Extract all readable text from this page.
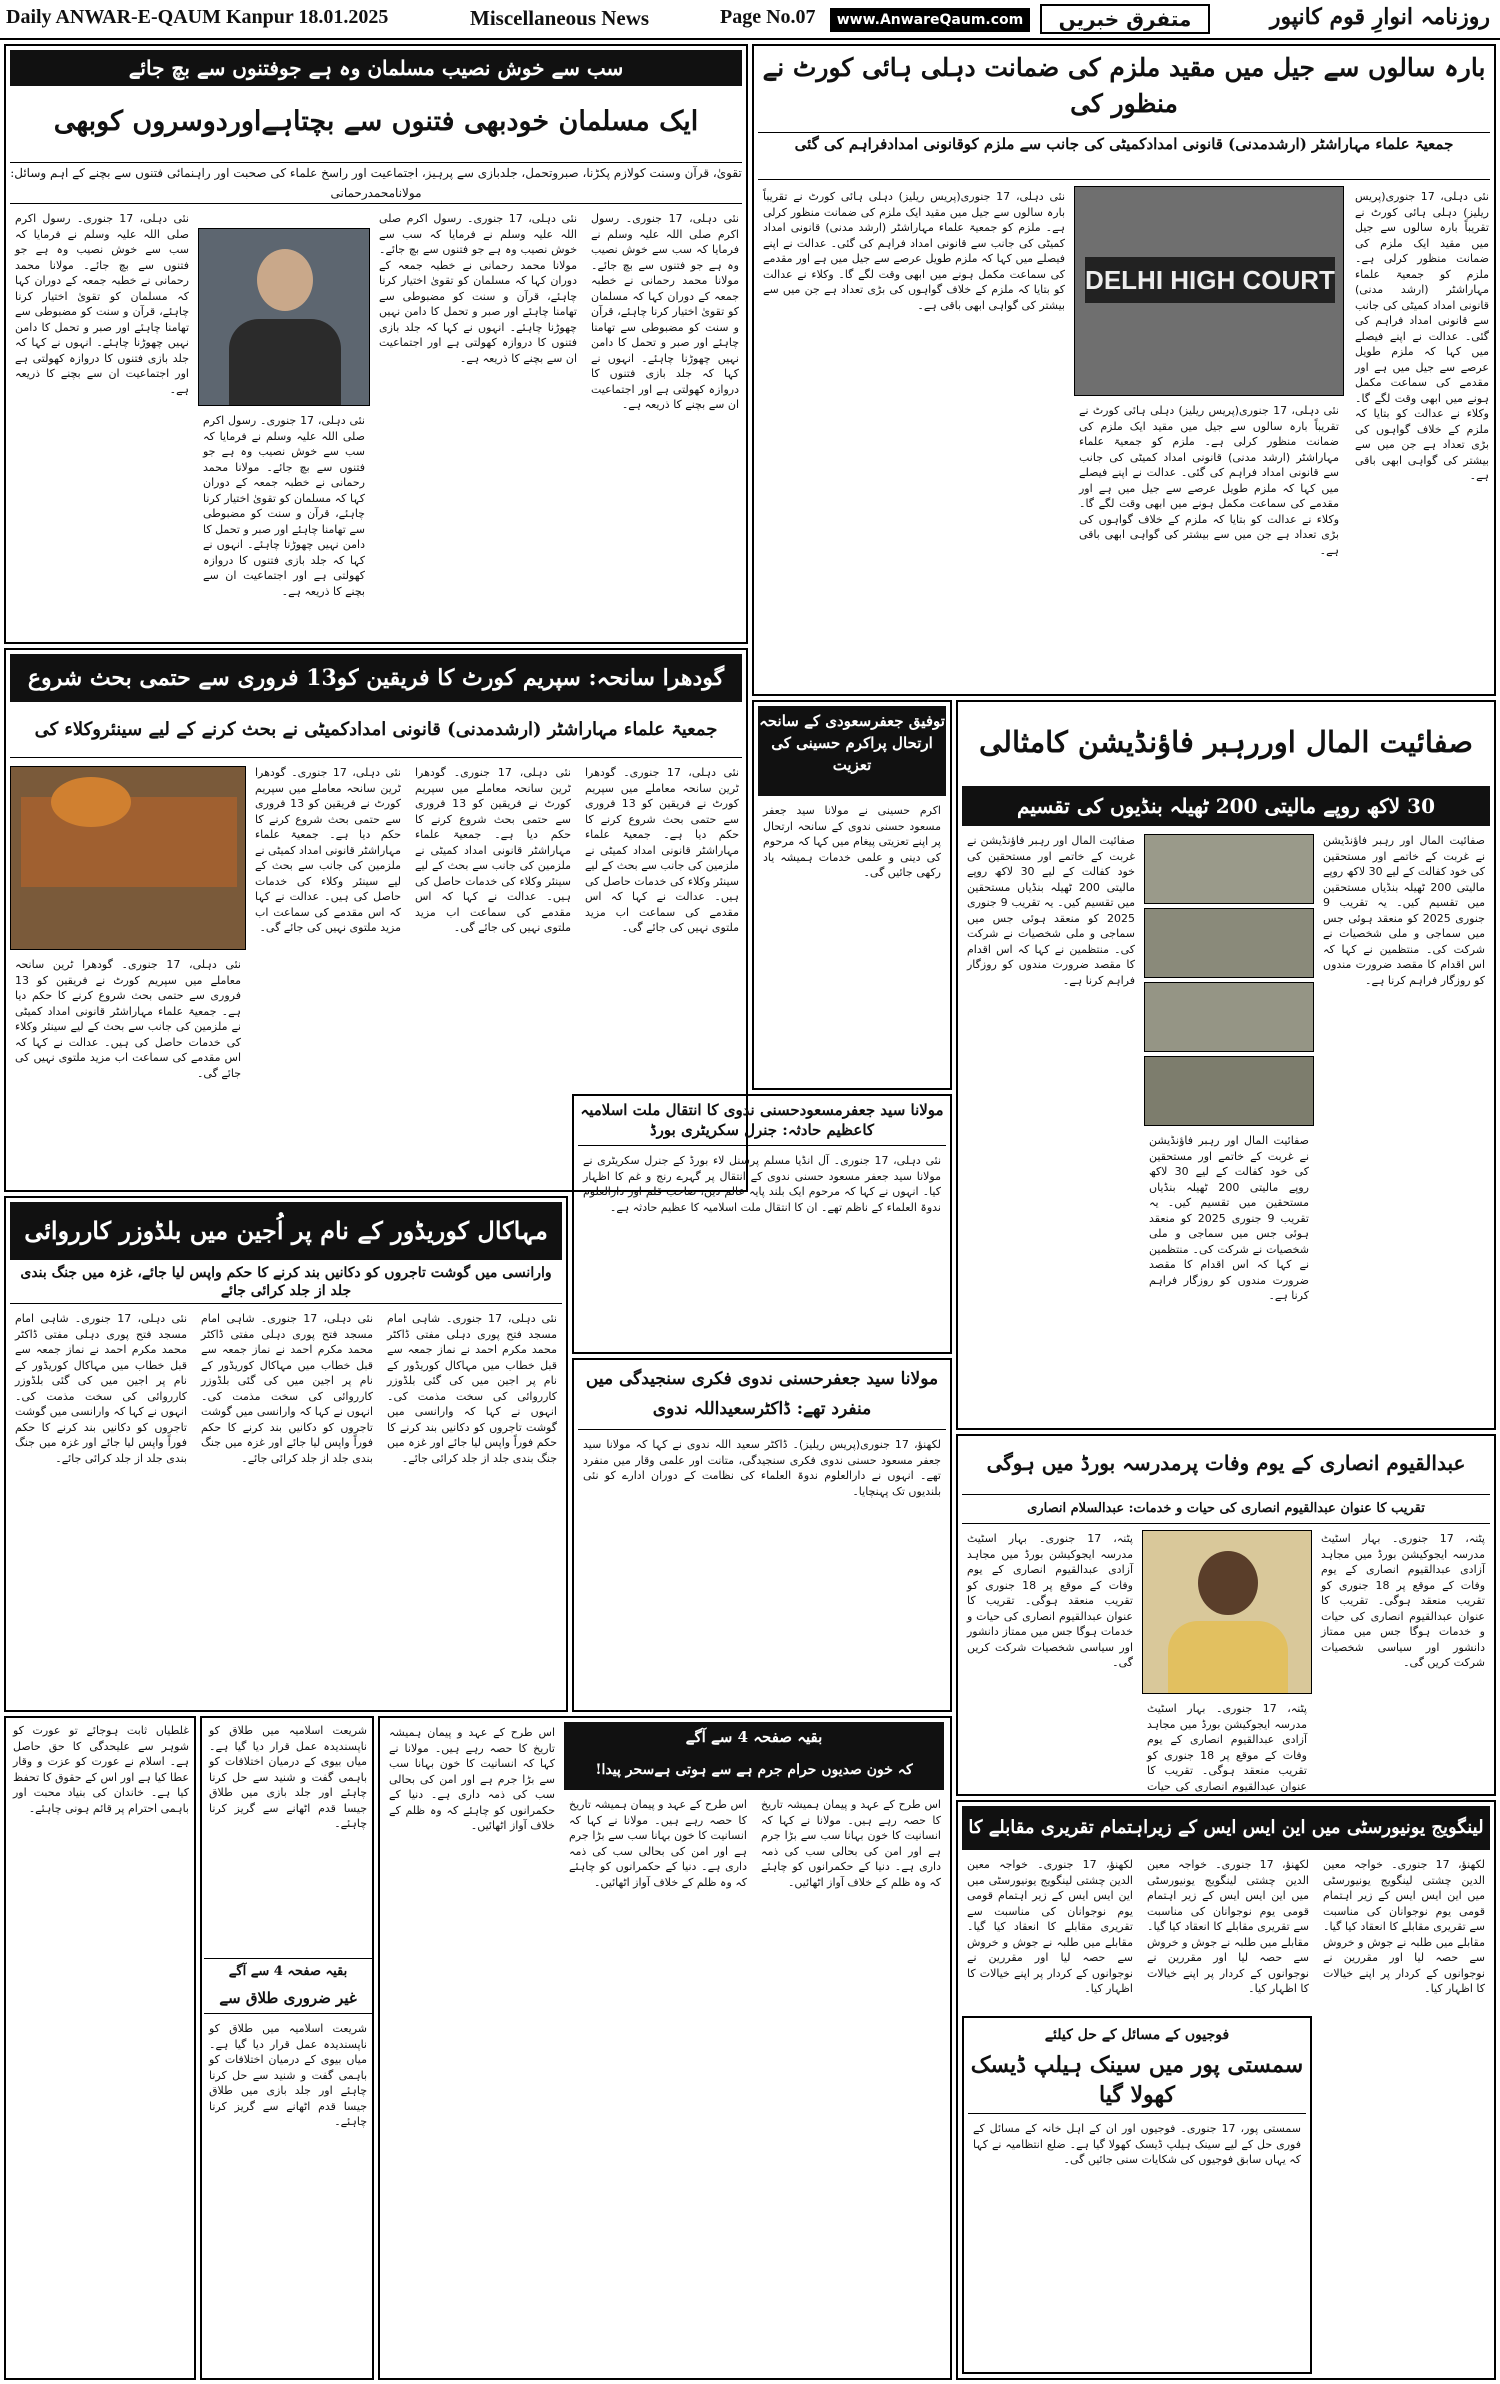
Daily ANWAR-E-QAUM Kanpur 18.01.2025	Miscellaneous News	Page No.07	www.AnwareQaum.com	متفرق خبریں	روزنامہ انوارِ قوم کانپور
بارہ سالوں سے جیل میں مقید ملزم کی ضمانت دہلی ہائی کورٹ نے منظور کی
جمعیۃ علماء مہاراشٹر (ارشدمدنی) قانونی امدادکمیٹی کی جانب سے ملزم کوقانونی امدادفراہم کی گئی
DELHI HIGH COURT
نئی دہلی، 17 جنوری(پریس ریلیز) دہلی ہائی کورٹ نے تقریباً بارہ سالوں سے جیل میں مقید ایک ملزم کی ضمانت منظور کرلی ہے۔ ملزم کو جمعیۃ علماء مہاراشٹر (ارشد مدنی) قانونی امداد کمیٹی کی جانب سے قانونی امداد فراہم کی گئی۔ عدالت نے اپنے فیصلے میں کہا کہ ملزم طویل عرصے سے جیل میں ہے اور مقدمے کی سماعت مکمل ہونے میں ابھی وقت لگے گا۔ وکلاء نے عدالت کو بتایا کہ ملزم کے خلاف گواہوں کی بڑی تعداد ہے جن میں سے بیشتر کی گواہی ابھی باقی ہے۔
نئی دہلی، 17 جنوری(پریس ریلیز) دہلی ہائی کورٹ نے تقریباً بارہ سالوں سے جیل میں مقید ایک ملزم کی ضمانت منظور کرلی ہے۔ ملزم کو جمعیۃ علماء مہاراشٹر (ارشد مدنی) قانونی امداد کمیٹی کی جانب سے قانونی امداد فراہم کی گئی۔ عدالت نے اپنے فیصلے میں کہا کہ ملزم طویل عرصے سے جیل میں ہے اور مقدمے کی سماعت مکمل ہونے میں ابھی وقت لگے گا۔ وکلاء نے عدالت کو بتایا کہ ملزم کے خلاف گواہوں کی بڑی تعداد ہے جن میں سے بیشتر کی گواہی ابھی باقی ہے۔
نئی دہلی، 17 جنوری(پریس ریلیز) دہلی ہائی کورٹ نے تقریباً بارہ سالوں سے جیل میں مقید ایک ملزم کی ضمانت منظور کرلی ہے۔ ملزم کو جمعیۃ علماء مہاراشٹر (ارشد مدنی) قانونی امداد کمیٹی کی جانب سے قانونی امداد فراہم کی گئی۔ عدالت نے اپنے فیصلے میں کہا کہ ملزم طویل عرصے سے جیل میں ہے اور مقدمے کی سماعت مکمل ہونے میں ابھی وقت لگے گا۔ وکلاء نے عدالت کو بتایا کہ ملزم کے خلاف گواہوں کی بڑی تعداد ہے جن میں سے بیشتر کی گواہی ابھی باقی ہے۔
سب سے خوش نصیب مسلمان وہ ہے جوفتنوں سے بچ جائے
ایک مسلمان خودبھی فتنوں سے بچتاہےاوردوسروں کوبھی
تقویٰ، قرآن وسنت کولازم پکڑنا، صبروتحمل، جلدبازی سے پرہیز، اجتماعیت اور راسخ علماء کی صحبت اور راہنمائی فتنوں سے بچنے کے اہم وسائل: مولانامحمدرحمانی
نئی دہلی، 17 جنوری۔ رسول اکرم صلی اللہ علیہ وسلم نے فرمایا کہ سب سے خوش نصیب وہ ہے جو فتنوں سے بچ جائے۔ مولانا محمد رحمانی نے خطبہ جمعہ کے دوران کہا کہ مسلمان کو تقویٰ اختیار کرنا چاہئے، قرآن و سنت کو مضبوطی سے تھامنا چاہئے اور صبر و تحمل کا دامن نہیں چھوڑنا چاہئے۔ انہوں نے کہا کہ جلد بازی فتنوں کا دروازہ کھولتی ہے اور اجتماعیت ان سے بچنے کا ذریعہ ہے۔
نئی دہلی، 17 جنوری۔ رسول اکرم صلی اللہ علیہ وسلم نے فرمایا کہ سب سے خوش نصیب وہ ہے جو فتنوں سے بچ جائے۔ مولانا محمد رحمانی نے خطبہ جمعہ کے دوران کہا کہ مسلمان کو تقویٰ اختیار کرنا چاہئے، قرآن و سنت کو مضبوطی سے تھامنا چاہئے اور صبر و تحمل کا دامن نہیں چھوڑنا چاہئے۔ انہوں نے کہا کہ جلد بازی فتنوں کا دروازہ کھولتی ہے اور اجتماعیت ان سے بچنے کا ذریعہ ہے۔
نئی دہلی، 17 جنوری۔ رسول اکرم صلی اللہ علیہ وسلم نے فرمایا کہ سب سے خوش نصیب وہ ہے جو فتنوں سے بچ جائے۔ مولانا محمد رحمانی نے خطبہ جمعہ کے دوران کہا کہ مسلمان کو تقویٰ اختیار کرنا چاہئے، قرآن و سنت کو مضبوطی سے تھامنا چاہئے اور صبر و تحمل کا دامن نہیں چھوڑنا چاہئے۔ انہوں نے کہا کہ جلد بازی فتنوں کا دروازہ کھولتی ہے اور اجتماعیت ان سے بچنے کا ذریعہ ہے۔
نئی دہلی، 17 جنوری۔ رسول اکرم صلی اللہ علیہ وسلم نے فرمایا کہ سب سے خوش نصیب وہ ہے جو فتنوں سے بچ جائے۔ مولانا محمد رحمانی نے خطبہ جمعہ کے دوران کہا کہ مسلمان کو تقویٰ اختیار کرنا چاہئے، قرآن و سنت کو مضبوطی سے تھامنا چاہئے اور صبر و تحمل کا دامن نہیں چھوڑنا چاہئے۔ انہوں نے کہا کہ جلد بازی فتنوں کا دروازہ کھولتی ہے اور اجتماعیت ان سے بچنے کا ذریعہ ہے۔
گودھرا سانحہ: سپریم کورٹ کا فریقین کو13 فروری سے حتمی بحث شروع
جمعیۃ علماء مہاراشٹر (ارشدمدنی) قانونی امدادکمیٹی نے بحث کرنے کے لیے سینئروکلاء کی
نئی دہلی، 17 جنوری۔ گودھرا ٹرین سانحہ معاملے میں سپریم کورٹ نے فریقین کو 13 فروری سے حتمی بحث شروع کرنے کا حکم دیا ہے۔ جمعیۃ علماء مہاراشٹر قانونی امداد کمیٹی نے ملزمین کی جانب سے بحث کے لیے سینئر وکلاء کی خدمات حاصل کی ہیں۔ عدالت نے کہا کہ اس مقدمے کی سماعت اب مزید ملتوی نہیں کی جائے گی۔
نئی دہلی، 17 جنوری۔ گودھرا ٹرین سانحہ معاملے میں سپریم کورٹ نے فریقین کو 13 فروری سے حتمی بحث شروع کرنے کا حکم دیا ہے۔ جمعیۃ علماء مہاراشٹر قانونی امداد کمیٹی نے ملزمین کی جانب سے بحث کے لیے سینئر وکلاء کی خدمات حاصل کی ہیں۔ عدالت نے کہا کہ اس مقدمے کی سماعت اب مزید ملتوی نہیں کی جائے گی۔
نئی دہلی، 17 جنوری۔ گودھرا ٹرین سانحہ معاملے میں سپریم کورٹ نے فریقین کو 13 فروری سے حتمی بحث شروع کرنے کا حکم دیا ہے۔ جمعیۃ علماء مہاراشٹر قانونی امداد کمیٹی نے ملزمین کی جانب سے بحث کے لیے سینئر وکلاء کی خدمات حاصل کی ہیں۔ عدالت نے کہا کہ اس مقدمے کی سماعت اب مزید ملتوی نہیں کی جائے گی۔
نئی دہلی، 17 جنوری۔ گودھرا ٹرین سانحہ معاملے میں سپریم کورٹ نے فریقین کو 13 فروری سے حتمی بحث شروع کرنے کا حکم دیا ہے۔ جمعیۃ علماء مہاراشٹر قانونی امداد کمیٹی نے ملزمین کی جانب سے بحث کے لیے سینئر وکلاء کی خدمات حاصل کی ہیں۔ عدالت نے کہا کہ اس مقدمے کی سماعت اب مزید ملتوی نہیں کی جائے گی۔
توفیق جعفرسعودی کے سانحہ ارتحال پراکرم حسینی کی تعزیت
اکرم حسینی نے مولانا سید جعفر مسعود حسنی ندوی کے سانحہ ارتحال پر اپنے تعزیتی پیغام میں کہا کہ مرحوم کی دینی و علمی خدمات ہمیشہ یاد رکھی جائیں گی۔
صفائیت المال اوررہبر فاؤنڈیشن کامثالی
30 لاکھ روپے مالیتی 200 ٹھیلہ بنڈیوں کی تقسیم
صفائیت المال اور رہبر فاؤنڈیشن نے غربت کے خاتمے اور مستحقین کی خود کفالت کے لیے 30 لاکھ روپے مالیتی 200 ٹھیلہ بنڈیاں مستحقین میں تقسیم کیں۔ یہ تقریب 9 جنوری 2025 کو منعقد ہوئی جس میں سماجی و ملی شخصیات نے شرکت کی۔ منتظمین نے کہا کہ اس اقدام کا مقصد ضرورت مندوں کو روزگار فراہم کرنا ہے۔
صفائیت المال اور رہبر فاؤنڈیشن نے غربت کے خاتمے اور مستحقین کی خود کفالت کے لیے 30 لاکھ روپے مالیتی 200 ٹھیلہ بنڈیاں مستحقین میں تقسیم کیں۔ یہ تقریب 9 جنوری 2025 کو منعقد ہوئی جس میں سماجی و ملی شخصیات نے شرکت کی۔ منتظمین نے کہا کہ اس اقدام کا مقصد ضرورت مندوں کو روزگار فراہم کرنا ہے۔
صفائیت المال اور رہبر فاؤنڈیشن نے غربت کے خاتمے اور مستحقین کی خود کفالت کے لیے 30 لاکھ روپے مالیتی 200 ٹھیلہ بنڈیاں مستحقین میں تقسیم کیں۔ یہ تقریب 9 جنوری 2025 کو منعقد ہوئی جس میں سماجی و ملی شخصیات نے شرکت کی۔ منتظمین نے کہا کہ اس اقدام کا مقصد ضرورت مندوں کو روزگار فراہم کرنا ہے۔
مولانا سید جعفرمسعودحسنی ندوی کا انتقال ملت اسلامیہ کاعظیم حادثہ: جنرل سکریٹری بورڈ
نئی دہلی، 17 جنوری۔ آل انڈیا مسلم پرسنل لاء بورڈ کے جنرل سکریٹری نے مولانا سید جعفر مسعود حسنی ندوی کے انتقال پر گہرے رنج و غم کا اظہار کیا۔ انہوں نے کہا کہ مرحوم ایک بلند پایہ عالم دین، صاحب قلم اور دارالعلوم ندوۃ العلماء کے ناظم تھے۔ ان کا انتقال ملت اسلامیہ کا عظیم حادثہ ہے۔
مہاکال کوریڈور کے نام پر اُجین میں بلڈوزر کارروائی
وارانسی میں گوشت تاجروں کو دکانیں بند کرنے کا حکم واپس لیا جائے، غزہ میں جنگ بندی جلد از جلد کرائی جائے
نئی دہلی، 17 جنوری۔ شاہی امام مسجد فتح پوری دہلی مفتی ڈاکٹر محمد مکرم احمد نے نماز جمعہ سے قبل خطاب میں مہاکال کوریڈور کے نام پر اجین میں کی گئی بلڈوزر کارروائی کی سخت مذمت کی۔ انہوں نے کہا کہ وارانسی میں گوشت تاجروں کو دکانیں بند کرنے کا حکم فوراً واپس لیا جائے اور غزہ میں جنگ بندی جلد از جلد کرائی جائے۔
نئی دہلی، 17 جنوری۔ شاہی امام مسجد فتح پوری دہلی مفتی ڈاکٹر محمد مکرم احمد نے نماز جمعہ سے قبل خطاب میں مہاکال کوریڈور کے نام پر اجین میں کی گئی بلڈوزر کارروائی کی سخت مذمت کی۔ انہوں نے کہا کہ وارانسی میں گوشت تاجروں کو دکانیں بند کرنے کا حکم فوراً واپس لیا جائے اور غزہ میں جنگ بندی جلد از جلد کرائی جائے۔
نئی دہلی، 17 جنوری۔ شاہی امام مسجد فتح پوری دہلی مفتی ڈاکٹر محمد مکرم احمد نے نماز جمعہ سے قبل خطاب میں مہاکال کوریڈور کے نام پر اجین میں کی گئی بلڈوزر کارروائی کی سخت مذمت کی۔ انہوں نے کہا کہ وارانسی میں گوشت تاجروں کو دکانیں بند کرنے کا حکم فوراً واپس لیا جائے اور غزہ میں جنگ بندی جلد از جلد کرائی جائے۔
مولانا سید جعفرحسنی ندوی فکری سنجیدگی میں منفرد تھے: ڈاکٹرسعیداللہ ندوی
لکھنؤ، 17 جنوری(پریس ریلیز)۔ ڈاکٹر سعید اللہ ندوی نے کہا کہ مولانا سید جعفر مسعود حسنی ندوی فکری سنجیدگی، متانت اور علمی وقار میں منفرد تھے۔ انہوں نے دارالعلوم ندوۃ العلماء کی نظامت کے دوران ادارے کو نئی بلندیوں تک پہنچایا۔
عبدالقیوم انصاری کے یوم وفات پرمدرسہ بورڈ میں ہوگی
تقریب کا عنوان عبدالقیوم انصاری کی حیات و خدمات: عبدالسلام انصاری
پٹنہ، 17 جنوری۔ بہار اسٹیٹ مدرسہ ایجوکیشن بورڈ میں مجاہد آزادی عبدالقیوم انصاری کے یوم وفات کے موقع پر 18 جنوری کو تقریب منعقد ہوگی۔ تقریب کا عنوان عبدالقیوم انصاری کی حیات و خدمات ہوگا جس میں ممتاز دانشور اور سیاسی شخصیات شرکت کریں گی۔
پٹنہ، 17 جنوری۔ بہار اسٹیٹ مدرسہ ایجوکیشن بورڈ میں مجاہد آزادی عبدالقیوم انصاری کے یوم وفات کے موقع پر 18 جنوری کو تقریب منعقد ہوگی۔ تقریب کا عنوان عبدالقیوم انصاری کی حیات و خدمات ہوگا جس میں ممتاز دانشور اور سیاسی شخصیات شرکت کریں گی۔
پٹنہ، 17 جنوری۔ بہار اسٹیٹ مدرسہ ایجوکیشن بورڈ میں مجاہد آزادی عبدالقیوم انصاری کے یوم وفات کے موقع پر 18 جنوری کو تقریب منعقد ہوگی۔ تقریب کا عنوان عبدالقیوم انصاری کی حیات
لینگویج یونیورسٹی میں این ایس ایس کے زیراہتمام تقریری مقابلے کا
لکھنؤ، 17 جنوری۔ خواجہ معین الدین چشتی لینگویج یونیورسٹی میں این ایس ایس کے زیر اہتمام قومی یوم نوجوانان کی مناسبت سے تقریری مقابلے کا انعقاد کیا گیا۔ مقابلے میں طلبہ نے جوش و خروش سے حصہ لیا اور مقررین نے نوجوانوں کے کردار پر اپنے خیالات کا اظہار کیا۔
لکھنؤ، 17 جنوری۔ خواجہ معین الدین چشتی لینگویج یونیورسٹی میں این ایس ایس کے زیر اہتمام قومی یوم نوجوانان کی مناسبت سے تقریری مقابلے کا انعقاد کیا گیا۔ مقابلے میں طلبہ نے جوش و خروش سے حصہ لیا اور مقررین نے نوجوانوں کے کردار پر اپنے خیالات کا اظہار کیا۔
لکھنؤ، 17 جنوری۔ خواجہ معین الدین چشتی لینگویج یونیورسٹی میں این ایس ایس کے زیر اہتمام قومی یوم نوجوانان کی مناسبت سے تقریری مقابلے کا انعقاد کیا گیا۔ مقابلے میں طلبہ نے جوش و خروش سے حصہ لیا اور مقررین نے نوجوانوں کے کردار پر اپنے خیالات کا اظہار کیا۔
فوجیوں کے مسائل کے حل کیلئے
سمستی پور میں سینک ہیلپ ڈیسک کھولا گیا
سمستی پور، 17 جنوری۔ فوجیوں اور ان کے اہل خانہ کے مسائل کے فوری حل کے لیے سینک ہیلپ ڈیسک کھولا گیا ہے۔ ضلع انتظامیہ نے کہا کہ یہاں سابق فوجیوں کی شکایات سنی جائیں گی۔
بقیہ صفحہ 4 سے آگے
کہ خون صدیوں حرام جرم ہے سے ہوتی ہےسحر پیدا!
اس طرح کے عہد و پیمان ہمیشہ تاریخ کا حصہ رہے ہیں۔ مولانا نے کہا کہ انسانیت کا خون بہانا سب سے بڑا جرم ہے اور امن کی بحالی سب کی ذمہ داری ہے۔ دنیا کے حکمرانوں کو چاہئے کہ وہ ظلم کے خلاف آواز اٹھائیں۔
اس طرح کے عہد و پیمان ہمیشہ تاریخ کا حصہ رہے ہیں۔ مولانا نے کہا کہ انسانیت کا خون بہانا سب سے بڑا جرم ہے اور امن کی بحالی سب کی ذمہ داری ہے۔ دنیا کے حکمرانوں کو چاہئے کہ وہ ظلم کے خلاف آواز اٹھائیں۔
اس طرح کے عہد و پیمان ہمیشہ تاریخ کا حصہ رہے ہیں۔ مولانا نے کہا کہ انسانیت کا خون بہانا سب سے بڑا جرم ہے اور امن کی بحالی سب کی ذمہ داری ہے۔ دنیا کے حکمرانوں کو چاہئے کہ وہ ظلم کے خلاف آواز اٹھائیں۔
شریعت اسلامیہ میں طلاق کو ناپسندیدہ عمل قرار دیا گیا ہے۔ میاں بیوی کے درمیان اختلافات کو باہمی گفت و شنید سے حل کرنا چاہئے اور جلد بازی میں طلاق جیسا قدم اٹھانے سے گریز کرنا چاہئے۔
بقیہ صفحہ 4 سے آگے
غیر ضروری طلاق سے
شریعت اسلامیہ میں طلاق کو ناپسندیدہ عمل قرار دیا گیا ہے۔ میاں بیوی کے درمیان اختلافات کو باہمی گفت و شنید سے حل کرنا چاہئے اور جلد بازی میں طلاق جیسا قدم اٹھانے سے گریز کرنا چاہئے۔
غلطیاں ثابت ہوجائے تو عورت کو شوہر سے علیحدگی کا حق حاصل ہے۔ اسلام نے عورت کو عزت و وقار عطا کیا ہے اور اس کے حقوق کا تحفظ کیا ہے۔ خاندان کی بنیاد محبت اور باہمی احترام پر قائم ہونی چاہئے۔
